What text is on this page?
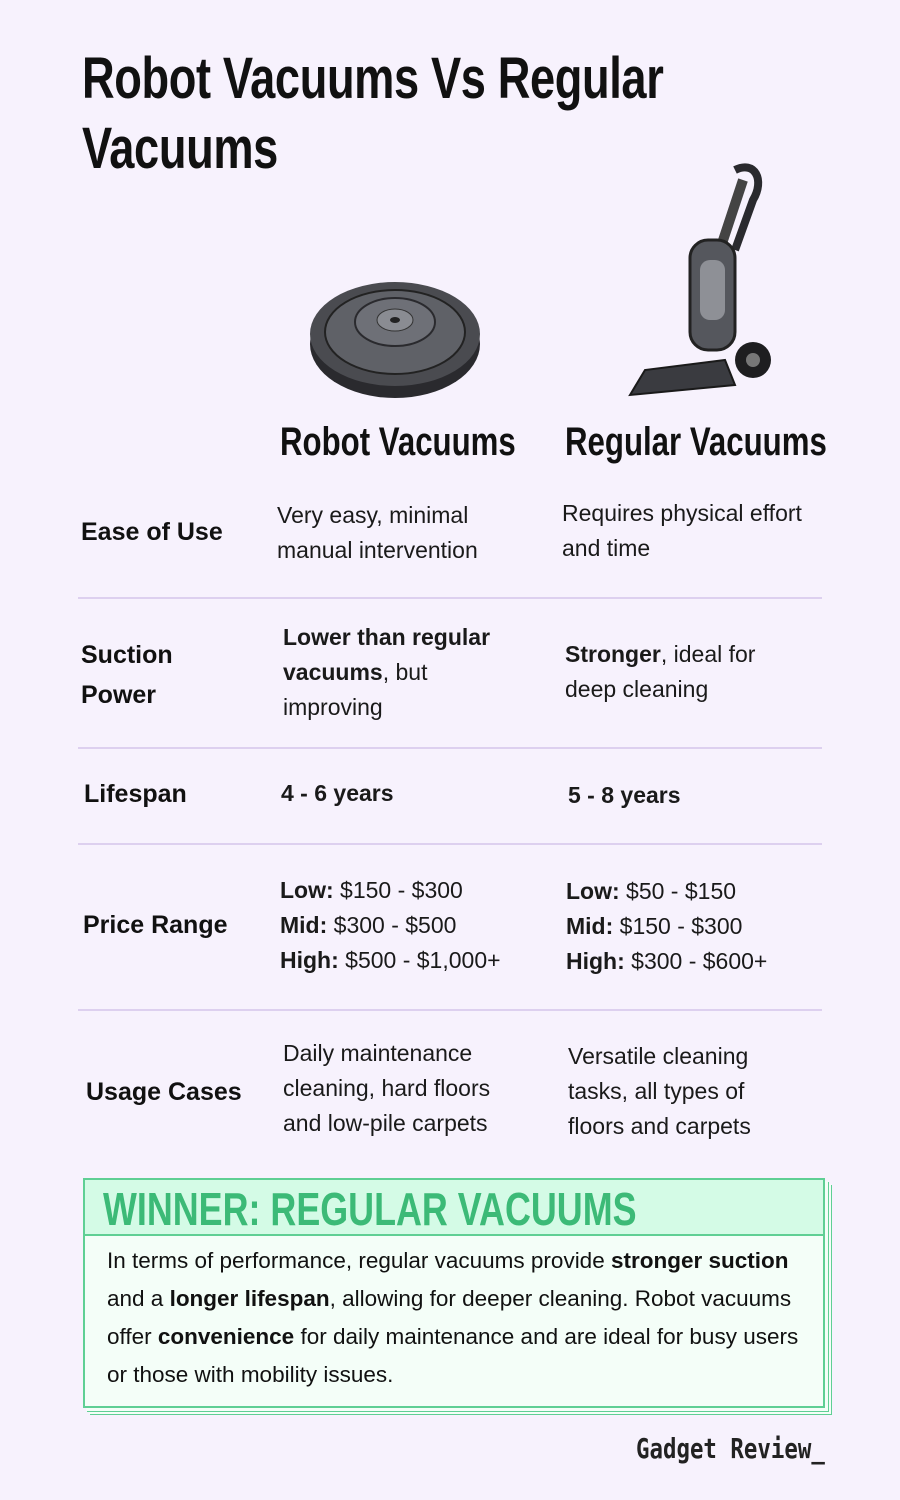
Robot Vacuums Vs Regular Vacuums
Robot Vacuums Regular Vacuums
Ease of Use
Very easy, minimal manual intervention
Requires physical effort and time
Suction Power
Lower than regular vacuums, but improving
Stronger, ideal for deep cleaning
Lifespan	4 - 6 years	5 - 8 years
Price Range
Low: $150 - $300
Mid: $300 - $500
High: $500 - $1,000+
Low: $50 - $150
Mid: $150 - $300
High: $300 - $600+
Usage Cases
Daily maintenance cleaning, hard floors and low-pile carpets
Versatile cleaning tasks, all types of floors and carpets
WINNER: REGULAR VACUUMS
In terms of performance, regular vacuums provide stronger suction and a longer lifespan, allowing for deeper cleaning. Robot vacuums offer convenience for daily maintenance and are ideal for busy users or those with mobility issues.
Gadget Review_
